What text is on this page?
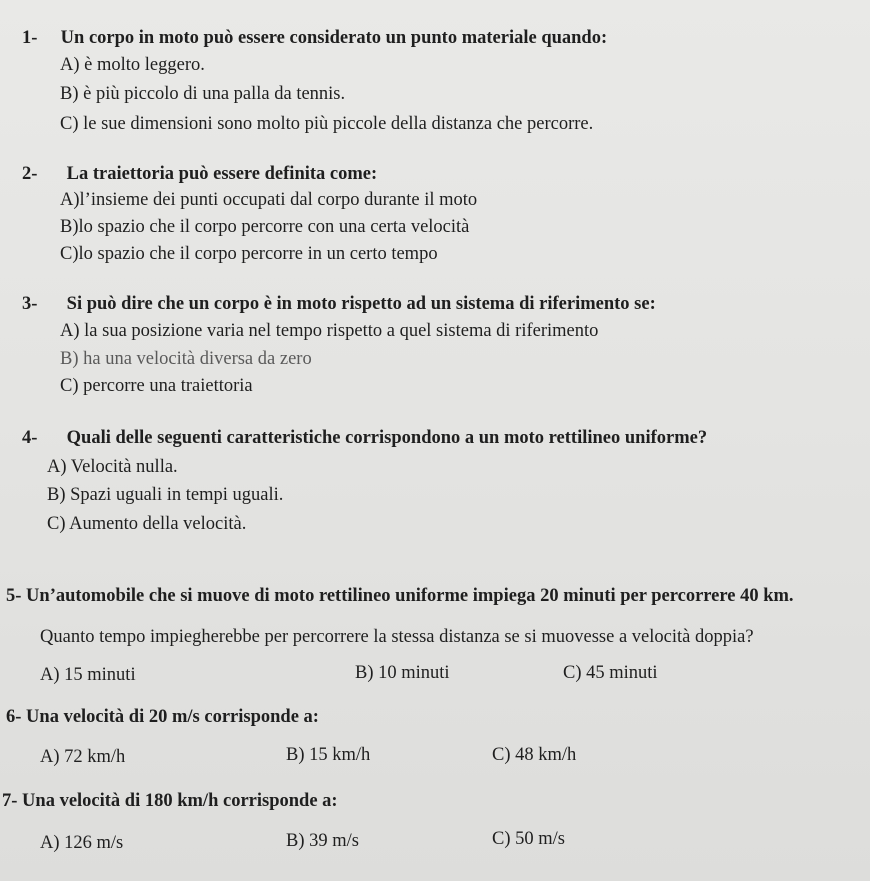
1- Un corpo in moto può essere considerato un punto materiale quando:
A) è molto leggero.
B) è più piccolo di una palla da tennis.
C) le sue dimensioni sono molto più piccole della distanza che percorre.
2- La traiettoria può essere definita come:
A)l’insieme dei punti occupati dal corpo durante il moto
B)lo spazio che il corpo percorre con una certa velocità
C)lo spazio che il corpo percorre in un certo tempo
3- Si può dire che un corpo è in moto rispetto ad un sistema di riferimento se:
A) la sua posizione varia nel tempo rispetto a quel sistema di riferimento
B) ha una velocità diversa da zero
C) percorre una traiettoria
4- Quali delle seguenti caratteristiche corrispondono a un moto rettilineo uniforme?
A) Velocità nulla.
B) Spazi uguali in tempi uguali.
C) Aumento della velocità.
5- Un’automobile che si muove di moto rettilineo uniforme impiega 20 minuti per percorrere 40 km.
Quanto tempo impiegherebbe per percorrere la stessa distanza se si muovesse a velocità doppia?
A) 15 minuti	B) 10 minuti	C) 45 minuti
6- Una velocità di 20 m/s corrisponde a:
A) 72 km/h	B) 15 km/h	C) 48 km/h
7- Una velocità di 180 km/h corrisponde a:
A) 126 m/s	B) 39 m/s	C) 50 m/s
